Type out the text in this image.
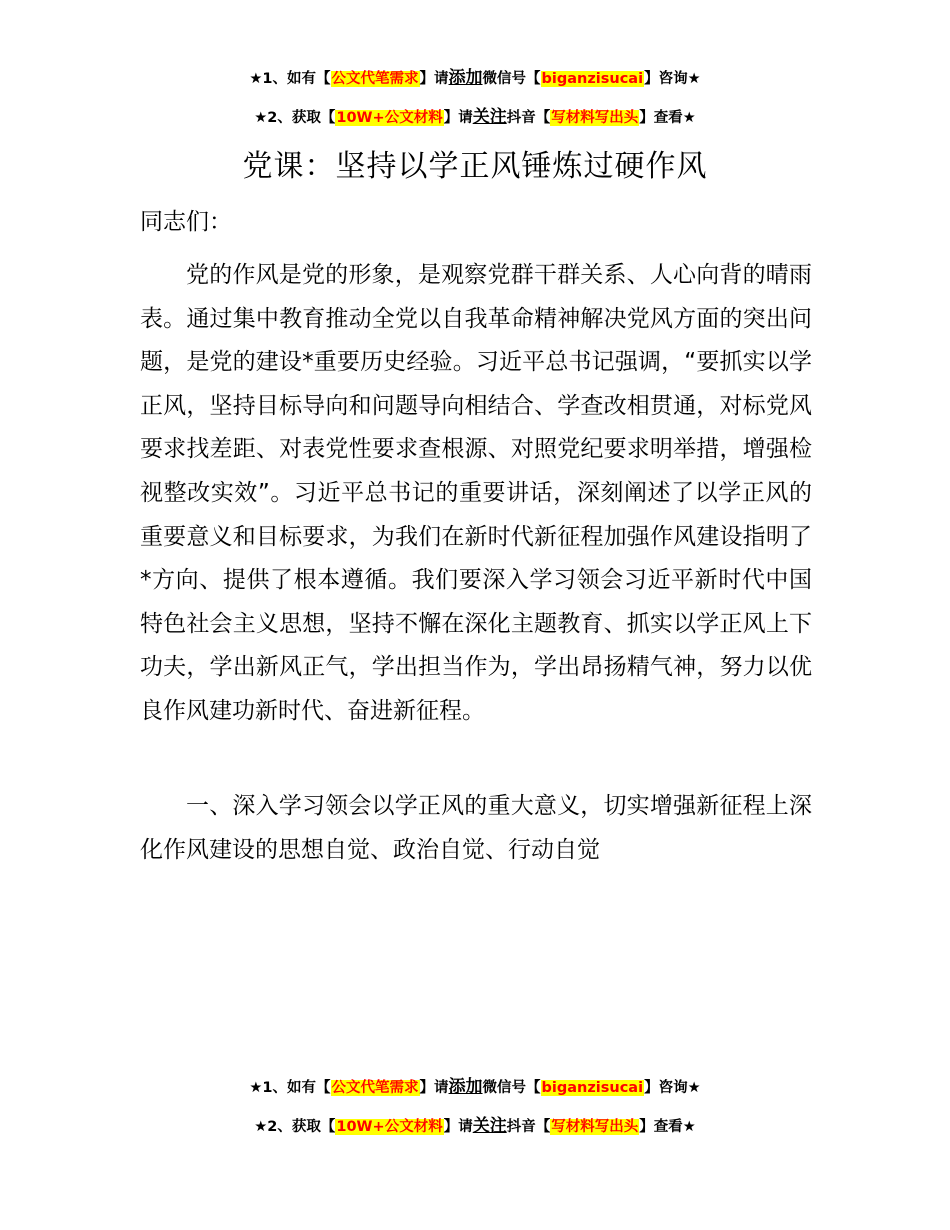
★1、如有【公文代笔需求】请添加微信号【biganzisucai】咨询★
★2、获取【10W+公文材料】请关注抖音【写材料写出头】查看★
党课：坚持以学正风锤炼过硬作风
同志们：

党的作风是党的形象，是观察党群干群关系、人心向背的晴雨表。通过集中教育推动全党以自我革命精神解决党风方面的突出问题，是党的建设*重要历史经验。习近平总书记强调，“要抓实以学正风，坚持目标导向和问题导向相结合、学查改相贯通，对标党风要求找差距、对表党性要求查根源、对照党纪要求明举措，增强检视整改实效”。习近平总书记的重要讲话，深刻阐述了以学正风的重要意义和目标要求，为我们在新时代新征程加强作风建设指明了*方向、提供了根本遵循。我们要深入学习领会习近平新时代中国特色社会主义思想，坚持不懈在深化主题教育、抓实以学正风上下功夫，学出新风正气，学出担当作为，学出昂扬精气神，努力以优良作风建功新时代、奋进新征程。

一、深入学习领会以学正风的重大意义，切实增强新征程上深化作风建设的思想自觉、政治自觉、行动自觉

★1、如有【公文代笔需求】请添加微信号【biganzisucai】咨询★
★2、获取【10W+公文材料】请关注抖音【写材料写出头】查看★
